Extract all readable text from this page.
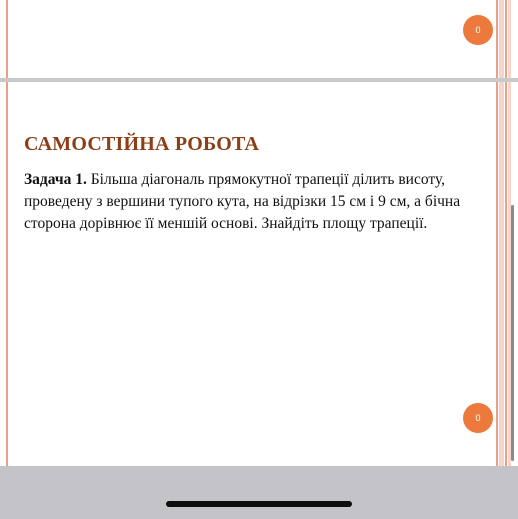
0
САМОСТІЙНА РОБОТА

Задача 1. Більша діагональ прямокутної трапеції ділить висоту, проведену з вершини тупого кута, на відрізки 15 см і 9 см, а бічна сторона дорівнює її меншій основі. Знайдіть площу трапеції.

0
